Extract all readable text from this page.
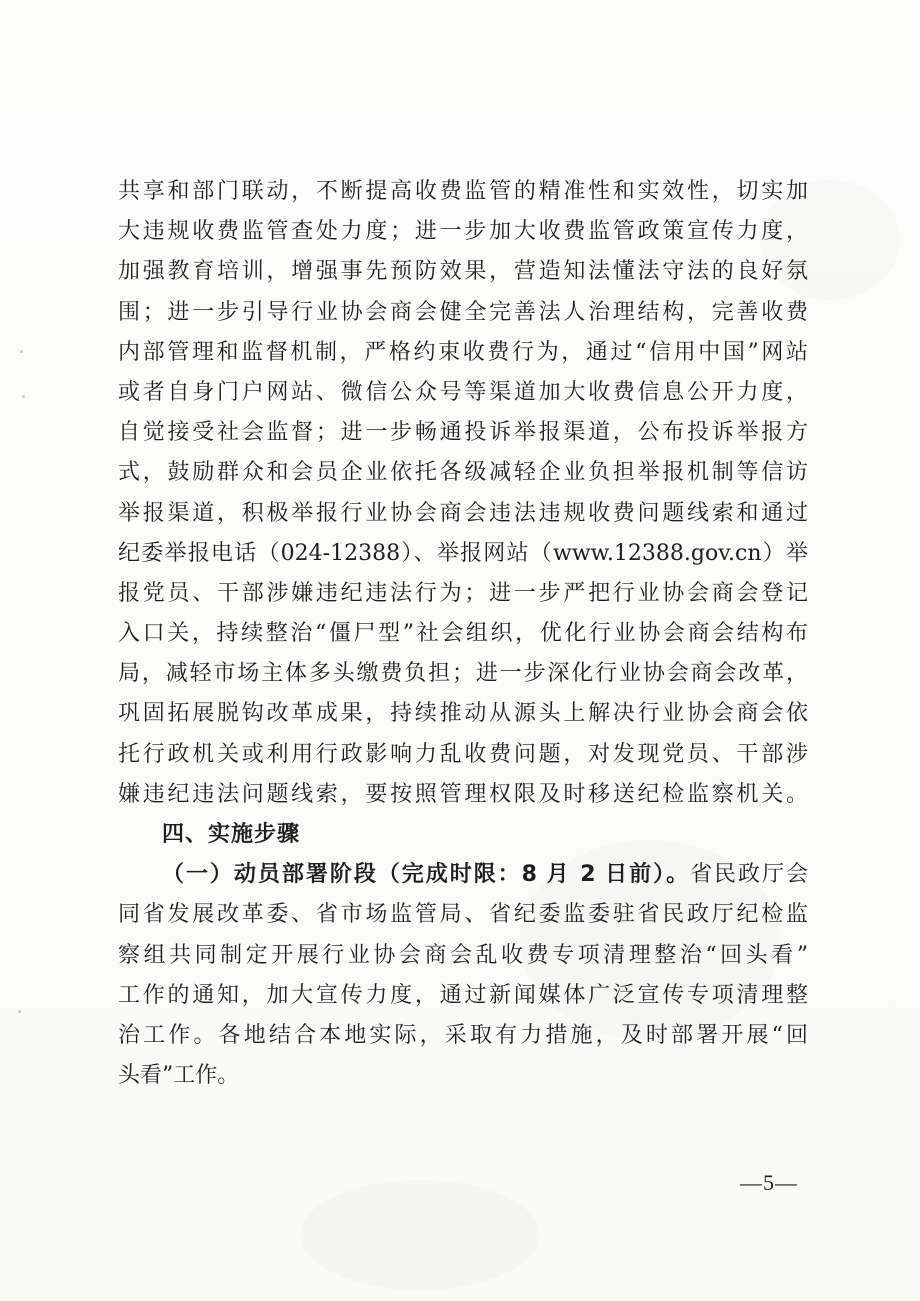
共享和部门联动，不断提高收费监管的精准性和实效性，切实加
大违规收费监管查处力度；进一步加大收费监管政策宣传力度，
加强教育培训，增强事先预防效果，营造知法懂法守法的良好氛
围；进一步引导行业协会商会健全完善法人治理结构，完善收费
内部管理和监督机制，严格约束收费行为，通过“信用中国”网站
或者自身门户网站、微信公众号等渠道加大收费信息公开力度，
自觉接受社会监督；进一步畅通投诉举报渠道，公布投诉举报方
式，鼓励群众和会员企业依托各级减轻企业负担举报机制等信访
举报渠道，积极举报行业协会商会违法违规收费问题线索和通过
纪委举报电话（024-12388）、举报网站（www.12388.gov.cn）举
报党员、干部涉嫌违纪违法行为；进一步严把行业协会商会登记
入口关，持续整治“僵尸型”社会组织，优化行业协会商会结构布
局，减轻市场主体多头缴费负担；进一步深化行业协会商会改革，
巩固拓展脱钩改革成果，持续推动从源头上解决行业协会商会依
托行政机关或利用行政影响力乱收费问题，对发现党员、干部涉
嫌违纪违法问题线索，要按照管理权限及时移送纪检监察机关。
四、实施步骤
（一）动员部署阶段（完成时限：8 月 2 日前）。省民政厅会
同省发展改革委、省市场监管局、省纪委监委驻省民政厅纪检监
察组共同制定开展行业协会商会乱收费专项清理整治“回头看”
工作的通知，加大宣传力度，通过新闻媒体广泛宣传专项清理整
治工作。各地结合本地实际，采取有力措施，及时部署开展“回
头看”工作。
—5—
